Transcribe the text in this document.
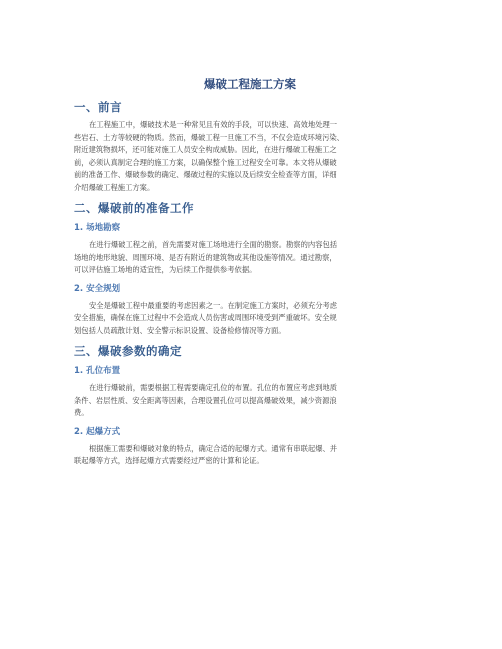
爆破工程施工方案
一、前言
在工程施工中，爆破技术是一种常见且有效的手段，可以快速、高效地处理一
些岩石、土方等较硬的物质。然而，爆破工程一旦施工不当，不仅会造成环境污染、
附近建筑物损坏，还可能对施工人员安全构成威胁。因此，在进行爆破工程施工之
前，必须认真制定合理的施工方案，以确保整个施工过程安全可靠。本文将从爆破
前的准备工作、爆破参数的确定、爆破过程的实施以及后续安全检查等方面，详细
介绍爆破工程施工方案。
二、爆破前的准备工作
1. 场地勘察
在进行爆破工程之前，首先需要对施工场地进行全面的勘察。勘察的内容包括
场地的地形地貌、周围环境、是否有附近的建筑物或其他设施等情况。通过勘察，
可以评估施工场地的适宜性，为后续工作提供参考依据。
2. 安全规划
安全是爆破工程中最重要的考虑因素之一。在制定施工方案时，必须充分考虑
安全措施，确保在施工过程中不会造成人员伤害或周围环境受到严重破坏。安全规
划包括人员疏散计划、安全警示标识设置、设备检修情况等方面。
三、爆破参数的确定
1. 孔位布置
在进行爆破前，需要根据工程需要确定孔位的布置。孔位的布置应考虑到地质
条件、岩层性质、安全距离等因素，合理设置孔位可以提高爆破效果，减少资源浪
费。
2. 起爆方式
根据施工需要和爆破对象的特点，确定合适的起爆方式。通常有串联起爆、并
联起爆等方式，选择起爆方式需要经过严密的计算和论证。
